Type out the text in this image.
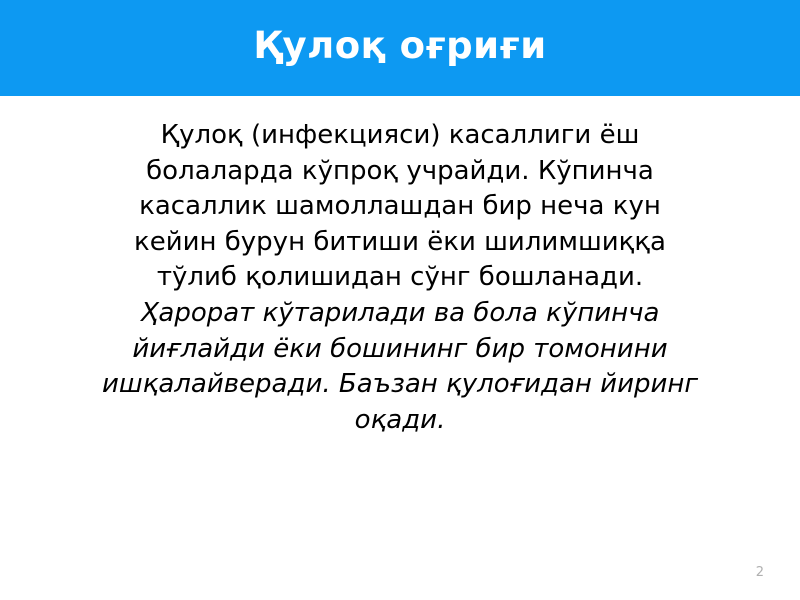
Қулоқ оғриғи

Қулоқ (инфекцияси) касаллиги ёш болаларда кўпроқ учрайди. Кўпинча касаллик шамоллашдан бир неча кун кейин бурун битиши ёки шилимшиққа тўлиб қолишидан сўнг бошланади.

Ҳарорат кўтарилади ва бола кўпинча йиғлайди ёки бошининг бир томонини ишқалайверади. Баъзан қулоғидан йиринг оқади.

2
